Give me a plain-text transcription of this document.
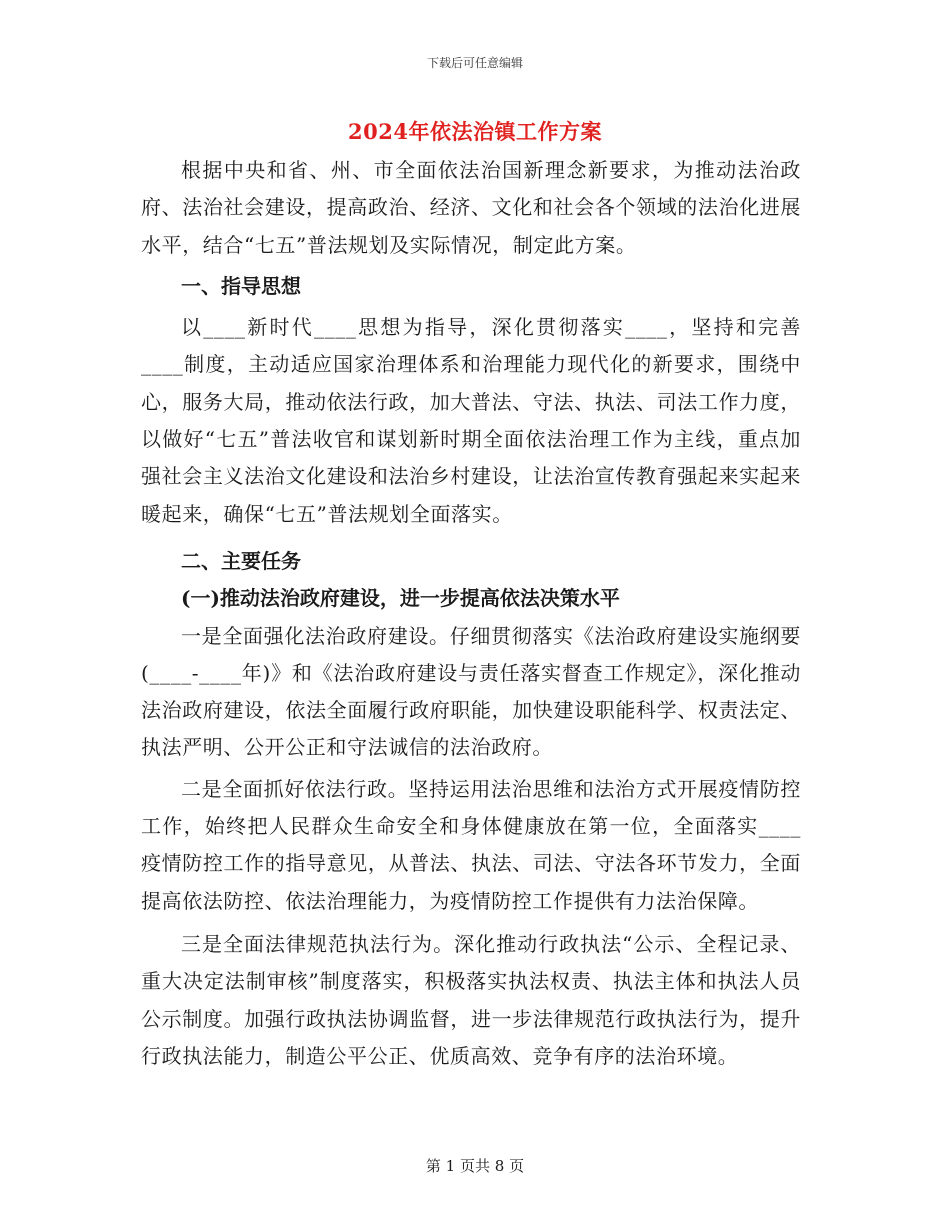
下载后可任意编辑
2024年依法治镇工作方案

根据中央和省、州、市全面依法治国新理念新要求，为推动法治政府、法治社会建设，提高政治、经济、文化和社会各个领域的法治化进展水平，结合“七五”普法规划及实际情况，制定此方案。

一、指导思想

以____新时代____思想为指导，深化贯彻落实____，坚持和完善____制度，主动适应国家治理体系和治理能力现代化的新要求，围绕中心，服务大局，推动依法行政，加大普法、守法、执法、司法工作力度，以做好“七五”普法收官和谋划新时期全面依法治理工作为主线，重点加强社会主义法治文化建设和法治乡村建设，让法治宣传教育强起来实起来暖起来，确保“七五”普法规划全面落实。

二、主要任务

(一)推动法治政府建设，进一步提高依法决策水平

一是全面强化法治政府建设。仔细贯彻落实《法治政府建设实施纲要(____-____年)》和《法治政府建设与责任落实督查工作规定》，深化推动法治政府建设，依法全面履行政府职能，加快建设职能科学、权责法定、执法严明、公开公正和守法诚信的法治政府。

二是全面抓好依法行政。坚持运用法治思维和法治方式开展疫情防控工作，始终把人民群众生命安全和身体健康放在第一位，全面落实____疫情防控工作的指导意见，从普法、执法、司法、守法各环节发力，全面提高依法防控、依法治理能力，为疫情防控工作提供有力法治保障。

三是全面法律规范执法行为。深化推动行政执法“公示、全程记录、重大决定法制审核”制度落实，积极落实执法权责、执法主体和执法人员公示制度。加强行政执法协调监督，进一步法律规范行政执法行为，提升行政执法能力，制造公平公正、优质高效、竞争有序的法治环境。

第 1 页共 8 页
